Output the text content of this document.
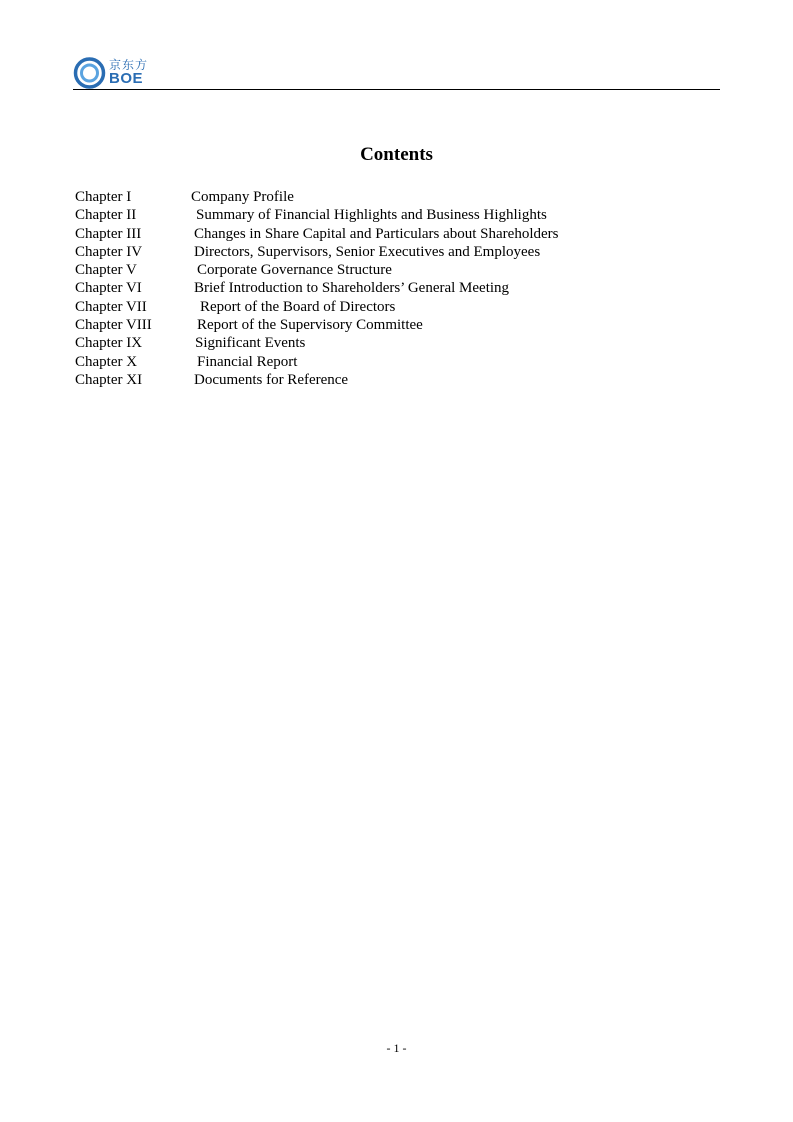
京东方
BOE
Contents
Chapter I	Company Profile
Chapter II	Summary of Financial Highlights and Business Highlights
Chapter III	Changes in Share Capital and Particulars about Shareholders
Chapter IV	Directors, Supervisors, Senior Executives and Employees
Chapter V	Corporate Governance Structure
Chapter VI	Brief Introduction to Shareholders’ General Meeting
Chapter VII	Report of the Board of Directors
Chapter VIII	Report of the Supervisory Committee
Chapter IX	Significant Events
Chapter X	Financial Report
Chapter XI	Documents for Reference
- 1 -
